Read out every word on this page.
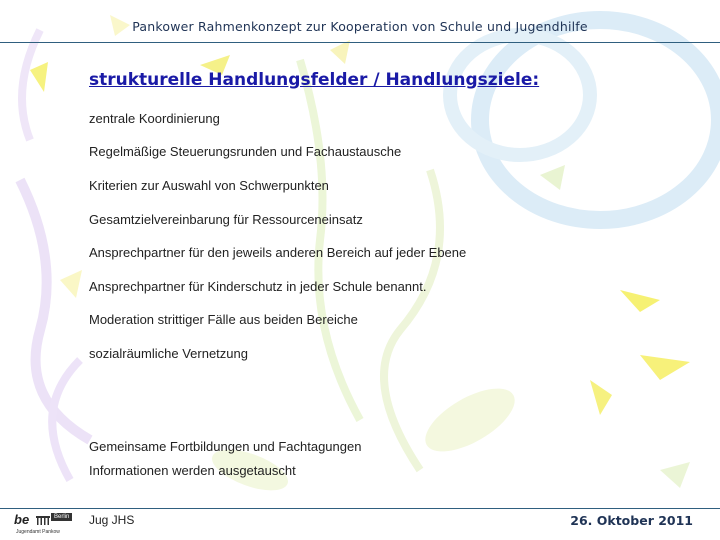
Pankower Rahmenkonzept zur Kooperation von Schule und Jugendhilfe
strukturelle Handlungsfelder / Handlungsziele:
zentrale Koordinierung
Regelmäßige Steuerungsrunden und Fachaustausche
Kriterien zur Auswahl von Schwerpunkten
Gesamtzielvereinbarung für Ressourceneinsatz
Ansprechpartner für den jeweils anderen Bereich auf jeder Ebene
Ansprechpartner für Kinderschutz in jeder Schule benannt.
Moderation strittiger Fälle aus beiden Bereiche
sozialräumliche Vernetzung
Gemeinsame Fortbildungen und Fachtagungen
Informationen werden ausgetauscht
be	Berlin
Jugendamt Pankow
Jug JHS	26. Oktober 2011
